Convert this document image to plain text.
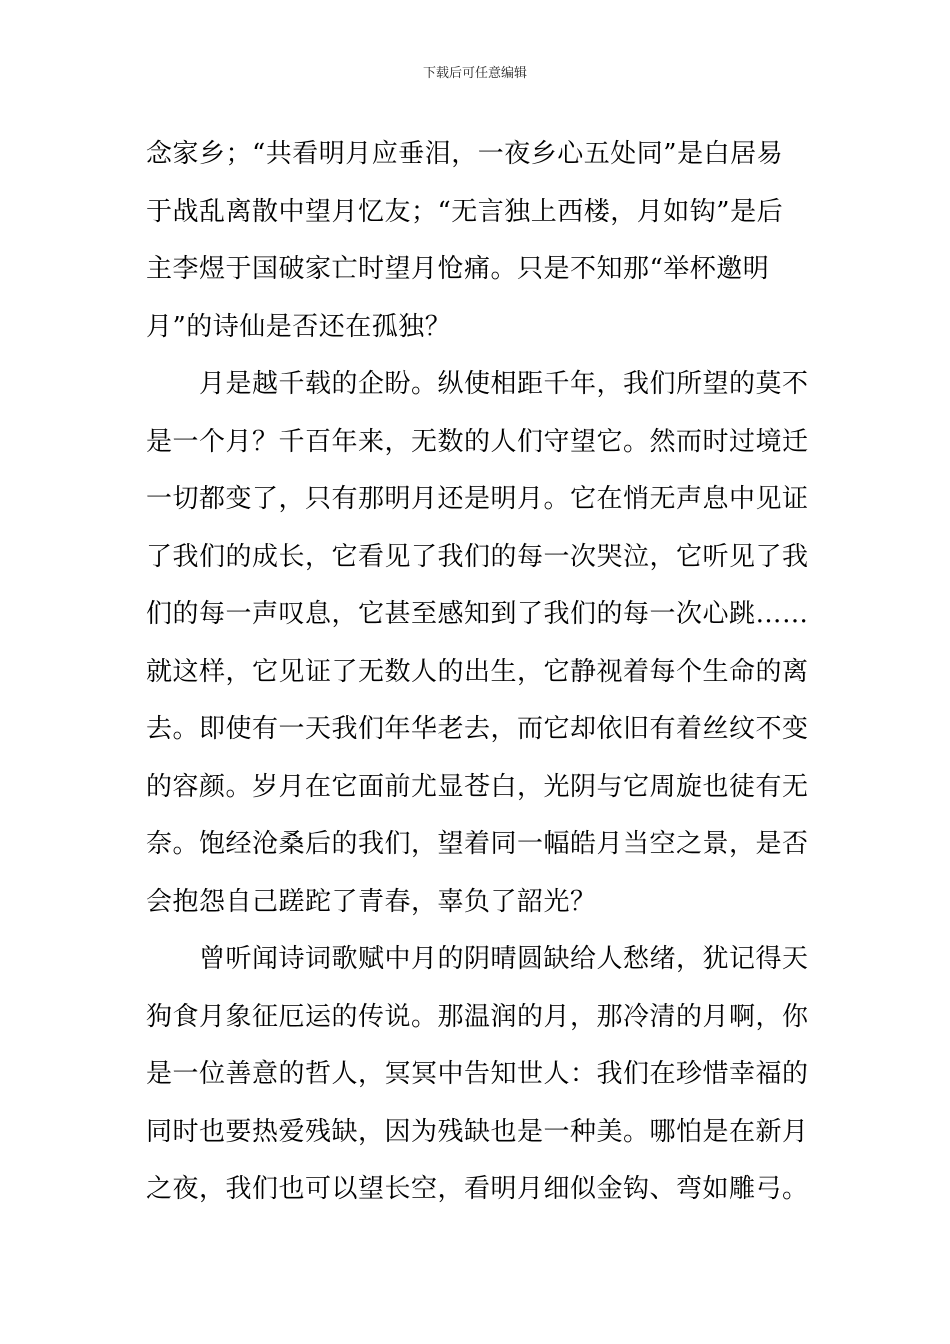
下载后可任意编辑
念家乡；“共看明月应垂泪，一夜乡心五处同”是白居易
于战乱离散中望月忆友；“无言独上西楼，月如钩”是后
主李煜于国破家亡时望月怆痛。只是不知那“举杯邀明
月”的诗仙是否还在孤独？
　　月是越千载的企盼。纵使相距千年，我们所望的莫不
是一个月？千百年来，无数的人们守望它。然而时过境迁
一切都变了，只有那明月还是明月。它在悄无声息中见证
了我们的成长，它看见了我们的每一次哭泣，它听见了我
们的每一声叹息，它甚至感知到了我们的每一次心跳……
就这样，它见证了无数人的出生，它静视着每个生命的离
去。即使有一天我们年华老去，而它却依旧有着丝纹不变
的容颜。岁月在它面前尤显苍白，光阴与它周旋也徒有无
奈。饱经沧桑后的我们，望着同一幅皓月当空之景，是否
会抱怨自己蹉跎了青春，辜负了韶光？
　　曾听闻诗词歌赋中月的阴晴圆缺给人愁绪，犹记得天
狗食月象征厄运的传说。那温润的月，那冷清的月啊，你
是一位善意的哲人，冥冥中告知世人：我们在珍惜幸福的
同时也要热爱残缺，因为残缺也是一种美。哪怕是在新月
之夜，我们也可以望长空，看明月细似金钩、弯如雕弓。
